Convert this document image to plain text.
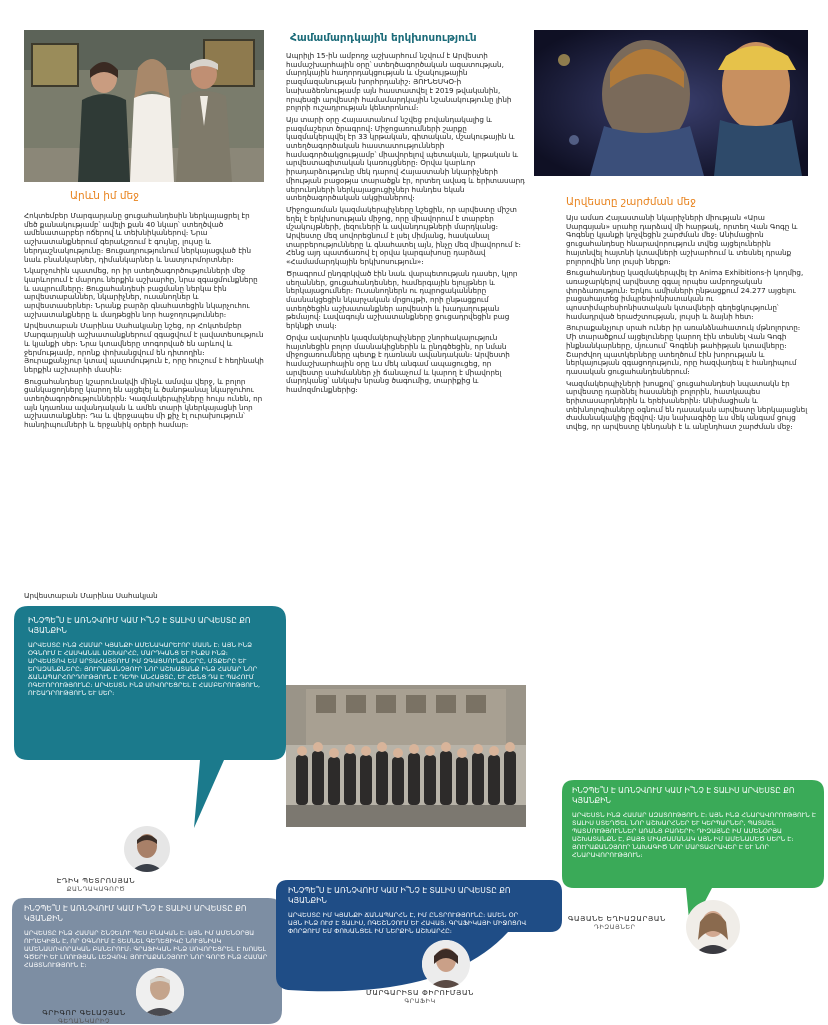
Արևն իմ մեջ
Համամարդկային երկխոսություն
Արվեստը շարժման մեջ

Հոկտեմբեր Մարգարյանը ցուցահանդեսին ներկայացրել էր մեծ քանակությամբ՝ ավելի քան 40 նկար՝ ստեղծված ամենատարբեր ոճերով և տեխնիկաներով։ Նրա աշխատանքներում գերակշռում է գույնը, լույսը և ներդաշնակությունը։ Ցուցադրությունում ներկայացված էին նաև բնանկարներ, դիմանկարներ և նատյուրմորտներ։

Նկարչուհին պատմեց, որ իր ստեղծագործությունների մեջ կարևորում է մարդու ներքին աշխարհը, նրա զգացմունքները և ապրումները։ Ցուցահանդեսի բացմանը ներկա էին արվեստաբաններ, նկարիչներ, ուսանողներ և արվեստասերներ։ Նրանք բարձր գնահատեցին նկարչուհու աշխատանքները և մաղթեցին նոր հաջողություններ։

Արվեստաբան Մարինա Սահակյանը նշեց, որ Հոկտեմբեր Մարգարյանի աշխատանքներում զգացվում է լավատեսություն և կյանքի սեր։ Նրա կտավները տոգորված են արևով և ջերմությամբ, որոնք փոխանցվում են դիտողին։ Յուրաքանչյուր կտավ պատմություն է, որը հուշում է հեղինակի ներքին աշխարհի մասին։

Ցուցահանդեսը կշարունակվի մինչև ամսվա վերջ, և բոլոր ցանկացողները կարող են այցելել և ծանոթանալ նկարչուհու ստեղծագործություններին։ Կազմակերպիչները հույս ունեն, որ այն կդառնա ավանդական և ամեն տարի կներկայացնի նոր աշխատանքներ։ Դա և վերջապես մի քիչ էլ ուրախություն՝ հանդիպումների և երջանիկ օրերի համար։

Արվեստաբան Մարինա Սահակյան

Ապրիլի 15-ին ամբողջ աշխարհում նշվում է Արվեստի համաշխարհային օրը՝ ստեղծագործական ազատության, մարդկային հաղորդակցության և մշակույթային բազմազանության խորհրդանիշ։ ՅՈՒՆԵՍԿՕ-ի նախաձեռնությամբ այն հաստատվել է 2019 թվականին, որպեսզի արվեստի համամարդկային նշանակությունը լինի բոլորի ուշադրության կենտրոնում։

Այս տարի օրը Հայաստանում նշվեց բովանդակալից և բազմաշերտ ծրագրով։ Միջոցառումների շարքը կազմակերպվել էր 33 կրթական, գիտական, մշակութային և ստեղծագործական հաստատությունների համագործակցությամբ՝ միավորելով պետական, կրթական և արվեստագիտական կառույցները։ Օրվա կարևոր իրադարձությունը մեկ դարով Հայաստանի նկարիչների միության բացօթյա տարածքն էր, որտեղ ավագ և երիտասարդ սերունդների ներկայացուցիչներ հանդես եկան ստեղծագործական ակցիաներով։

Միջոցառման կազմակերպիչները նշեցին, որ արվեստը միշտ եղել է երկխոսության միջոց, որը միավորում է տարբեր մշակույթների, լեզուների և ավանդույթների մարդկանց։ Արվեստը մեզ սովորեցնում է լսել միմյանց, հասկանալ տարբերությունները և գնահատել այն, ինչը մեզ միավորում է։ Հենց այդ պատճառով էլ օրվա կարգախոսը դարձավ «Համամարդկային երկխոսություն»։

Ծրագրում ընդգրկված էին նաև վարպետության դասեր, կլոր սեղաններ, ցուցահանդեսներ, համերգային ելույթներ և ներկայացումներ։ Ուսանողներն ու դպրոցականները մասնակցեցին նկարչական մրցույթի, որի ընթացքում ստեղծեցին աշխատանքներ արվեստի և խաղաղության թեմայով։ Լավագույն աշխատանքները ցուցադրվեցին բաց երկնքի տակ։

Օրվա ավարտին կազմակերպիչները շնորհակալություն հայտնեցին բոլոր մասնակիցներին և ընդգծեցին, որ նման միջոցառումները պետք է դառնան ավանդական։ Արվեստի համաշխարհային օրը ևս մեկ անգամ ապացուցեց, որ արվեստը սահմաններ չի ճանաչում և կարող է միավորել մարդկանց՝ անկախ նրանց ծագումից, տարիքից և համոզմունքներից։

Այս ամառ Հայաստանի նկարիչների միության «Արա Սարգսյան» սրահը դարձավ մի հարթակ, որտեղ Վան Գոգը և Գոգենը կյանքի կոչվեցին շարժման մեջ։ Անիմացիոն ցուցահանդեսը հնարավորություն տվեց այցելուներին հայտնվել հայտնի կտավների աշխարհում և տեսնել դրանք բոլորովին նոր լույսի ներքո։

Ցուցահանդեսը կազմակերպվել էր Anima Exhibitions-ի կողմից, առաջարկելով արվեստը զգալ որպես ամբողջական փորձառություն։ Երկու ամիսների ընթացքում 24.277 այցելու բացահայտեց իմպրեսիոնիստական ու պոստիմպրեսիոնիստական կտավների գեղեցկությունը՝ համադրված երաժշտության, լույսի և ձայնի հետ։

Յուրաքանչյուր սրահ ուներ իր առանձնահատուկ մթնոլորտը։ Մի տարածքում այցելուները կարող էին տեսնել Վան Գոգի ինքնանկարները, մյուսում՝ Գոգենի թահիթյան կտավները։ Շարժվող պատկերները ստեղծում էին խորության և ներկայության զգացողություն, որը հազվադեպ է հանդիպում դասական ցուցահանդեսներում։

Կազմակերպիչների խոսքով՝ ցուցահանդեսի նպատակն էր արվեստը դարձնել հասանելի բոլորին, հատկապես երիտասարդներին և երեխաներին։ Անիմացիան և տեխնոլոգիաները օգնում են դասական արվեստը ներկայացնել ժամանակակից լեզվով։ Այս նախագիծը ևս մեկ անգամ ցույց տվեց, որ արվեստը կենդանի է և անընդհատ շարժման մեջ։

ԻՆՉՊԵ՞Ս Է ԱՌՆՉՎՈՒՄ ԿԱՄ Ի՞ՆՉ Է ՏԱԼԻՍ ԱՐՎԵՍՏԸ ՔՈ ԿՅԱՆՔԻՆ
ԱՐՎԵՍՏԸ ԻՆՁ ՀԱՄԱՐ ԿՅԱՆՔԻ ԱՄԵՆԱԿԱՐԵՒՈՐ ՄԱՍՆ Է։ ԱՅՆ ԻՆՁ ՕԳՆՈՒՄ Է ՀԱՍԿԱՆԱԼ ԱՇԽԱՐՀԸ, ՄԱՐԴԿԱՆՑ ԵՒ ԻՆՔՍ ԻՆՁ։ ԱՐՎԵՍՏՈՎ ԵՄ ԱՐՏԱՀԱՅՏՈՒՄ ԻՄ ԶԳԱՑՄՈՒՆՔՆԵՐԸ, ՄՏՔԵՐԸ ԵՒ ԵՐԱԶԱՆՔՆԵՐԸ։ ՅՈՒՐԱՔԱՆՉՅՈՒՐ ՆՈՐ ԱՇԽԱՏԱՆՔ ԻՆՁ ՀԱՄԱՐ ՆՈՐ ՃԱՆԱՊԱՐՀՈՐԴՈՒԹՅՈՒՆ Է ԴԵՊԻ ԱՆՀԱՅՏԸ, ԵՒ ՀԵՆՑ ԴԱ Է ՊԱՀՈՒՄ ՈԳԵՒՈՐՈՒԹՅՈՒՆԸ։ ԱՐՎԵՍՏՆ ԻՆՁ ՍՈՎՈՐԵՑՐԵԼ Է ՀԱՄԲԵՐՈՒԹՅՈՒՆ, ՈՒՇԱԴՐՈՒԹՅՈՒՆ ԵՒ ՍԵՐ։
ԷԴԻԿ ՊԵՏՐՈՍՅԱՆ
ՔԱՆԴԱԿԱԳՈՐԾ
ԻՆՉՊԵ՞Ս Է ԱՌՆՉՎՈՒՄ ԿԱՄ Ի՞ՆՉ Է ՏԱԼԻՍ ԱՐՎԵՍՏԸ ՔՈ ԿՅԱՆՔԻՆ
ԱՐՎԵՍՏԸ ԻՆՁ ՀԱՄԱՐ ՇՆՉԵԼՈՒ ՊԵՍ ԲՆԱԿԱՆ Է։ ԱՅՆ ԻՄ ԱՄԵՆՕՐՅԱ ՈՒՂԵԿԻՑՆ Է, ՈՐ ՕԳՆՈՒՄ Է ՏԵՍՆԵԼ ԳԵՂԵՑԻԿԸ ՆՈՒՅՆԻՍԿ ԱՄԵՆԱՍՈՎՈՐԱԿԱՆ ԲԱՆԵՐՈՒՄ։ ԳՐԱՖԻԿԱՆ ԻՆՁ ՍՈՎՈՐԵՑՐԵԼ Է ԽՈՍԵԼ ԳԾԵՐԻ ԵՒ ԼՌՈՒԹՅԱՆ ԼԵԶՎՈՎ։ ՅՈՒՐԱՔԱՆՉՅՈՒՐ ՆՈՐ ԳՈՐԾ ԻՆՁ ՀԱՄԱՐ ՀԱՅՏՆՈՒԹՅՈՒՆ Է։
ԳՐԻԳՈՐ ԳԵԼԱՉՅԱՆ
ԳԵՂԱՆԿԱՐԻՉ
ԻՆՉՊԵ՞Ս Է ԱՌՆՉՎՈՒՄ ԿԱՄ Ի՞ՆՉ Է ՏԱԼԻՍ ԱՐՎԵՍՏԸ ՔՈ ԿՅԱՆՔԻՆ
ԱՐՎԵՍՏԸ ԻՄ ԿՅԱՆՔԻ ՃԱՆԱՊԱՐՀՆ Է, ԻՄ ԸՆՏՐՈՒԹՅՈՒՆԸ։ ԱՄԵՆ ՕՐ ԱՅՆ ԻՆՁ ՈՒԺ Է ՏԱԼԻՍ, ՈԳԵՇՆՉՈՒՄ ԵՒ ՀԱՎԱՏ։ ԳՐԱՖԻԿԱՅԻ ՄԻՋՈՑՈՎ ՓՈՐՁՈՒՄ ԵՄ ՓՈԽԱՆՑԵԼ ԻՄ ՆԵՐՔԻՆ ԱՇԽԱՐՀԸ։
ՄԱՐԳԱՐԻՏԱ ՓԻՐՈՒՄՅԱՆ
ԳՐԱՖԻԿ
ԻՆՉՊԵ՞Ս Է ԱՌՆՉՎՈՒՄ ԿԱՄ Ի՞ՆՉ Է ՏԱԼԻՍ ԱՐՎԵՍՏԸ ՔՈ ԿՅԱՆՔԻՆ
ԱՐՎԵՍՏՆ ԻՆՁ ՀԱՄԱՐ ԱԶԱՏՈՒԹՅՈՒՆ Է։ ԱՅՆ ԻՆՁ ՀՆԱՐԱՎՈՐՈՒԹՅՈՒՆ Է ՏԱԼԻՍ ՍՏԵՂԾԵԼ ՆՈՐ ԱՇԽԱՐՀՆԵՐ ԵՒ ԿԵՐՊԱՐՆԵՐ, ՊԱՏՄԵԼ ՊԱՏՄՈՒԹՅՈՒՆՆԵՐ ԱՌԱՆՑ ԲԱՌԵՐԻ։ ԴԻԶԱՅՆԸ ԻՄ ԱՄԵՆՕՐՅԱ ԱՇԽԱՏԱՆՔՆ Է, ԲԱՅՑ ՄԻԱԺԱՄԱՆԱԿ ԱՅՆ ԻՄ ԱՄԵՆԱՄԵԾ ՍԵՐՆ Է։ ՅՈՒՐԱՔԱՆՉՅՈՒՐ ՆԱԽԱԳԻԾ ՆՈՐ ՄԱՐՏԱՀՐԱՎԵՐ Է ԵՒ ՆՈՐ ՀՆԱՐԱՎՈՐՈՒԹՅՈՒՆ։
ԳԱՅԱՆԵ ԵՂԻԱԶԱՐՅԱՆ
ԴԻԶԱՅՆԵՐ
